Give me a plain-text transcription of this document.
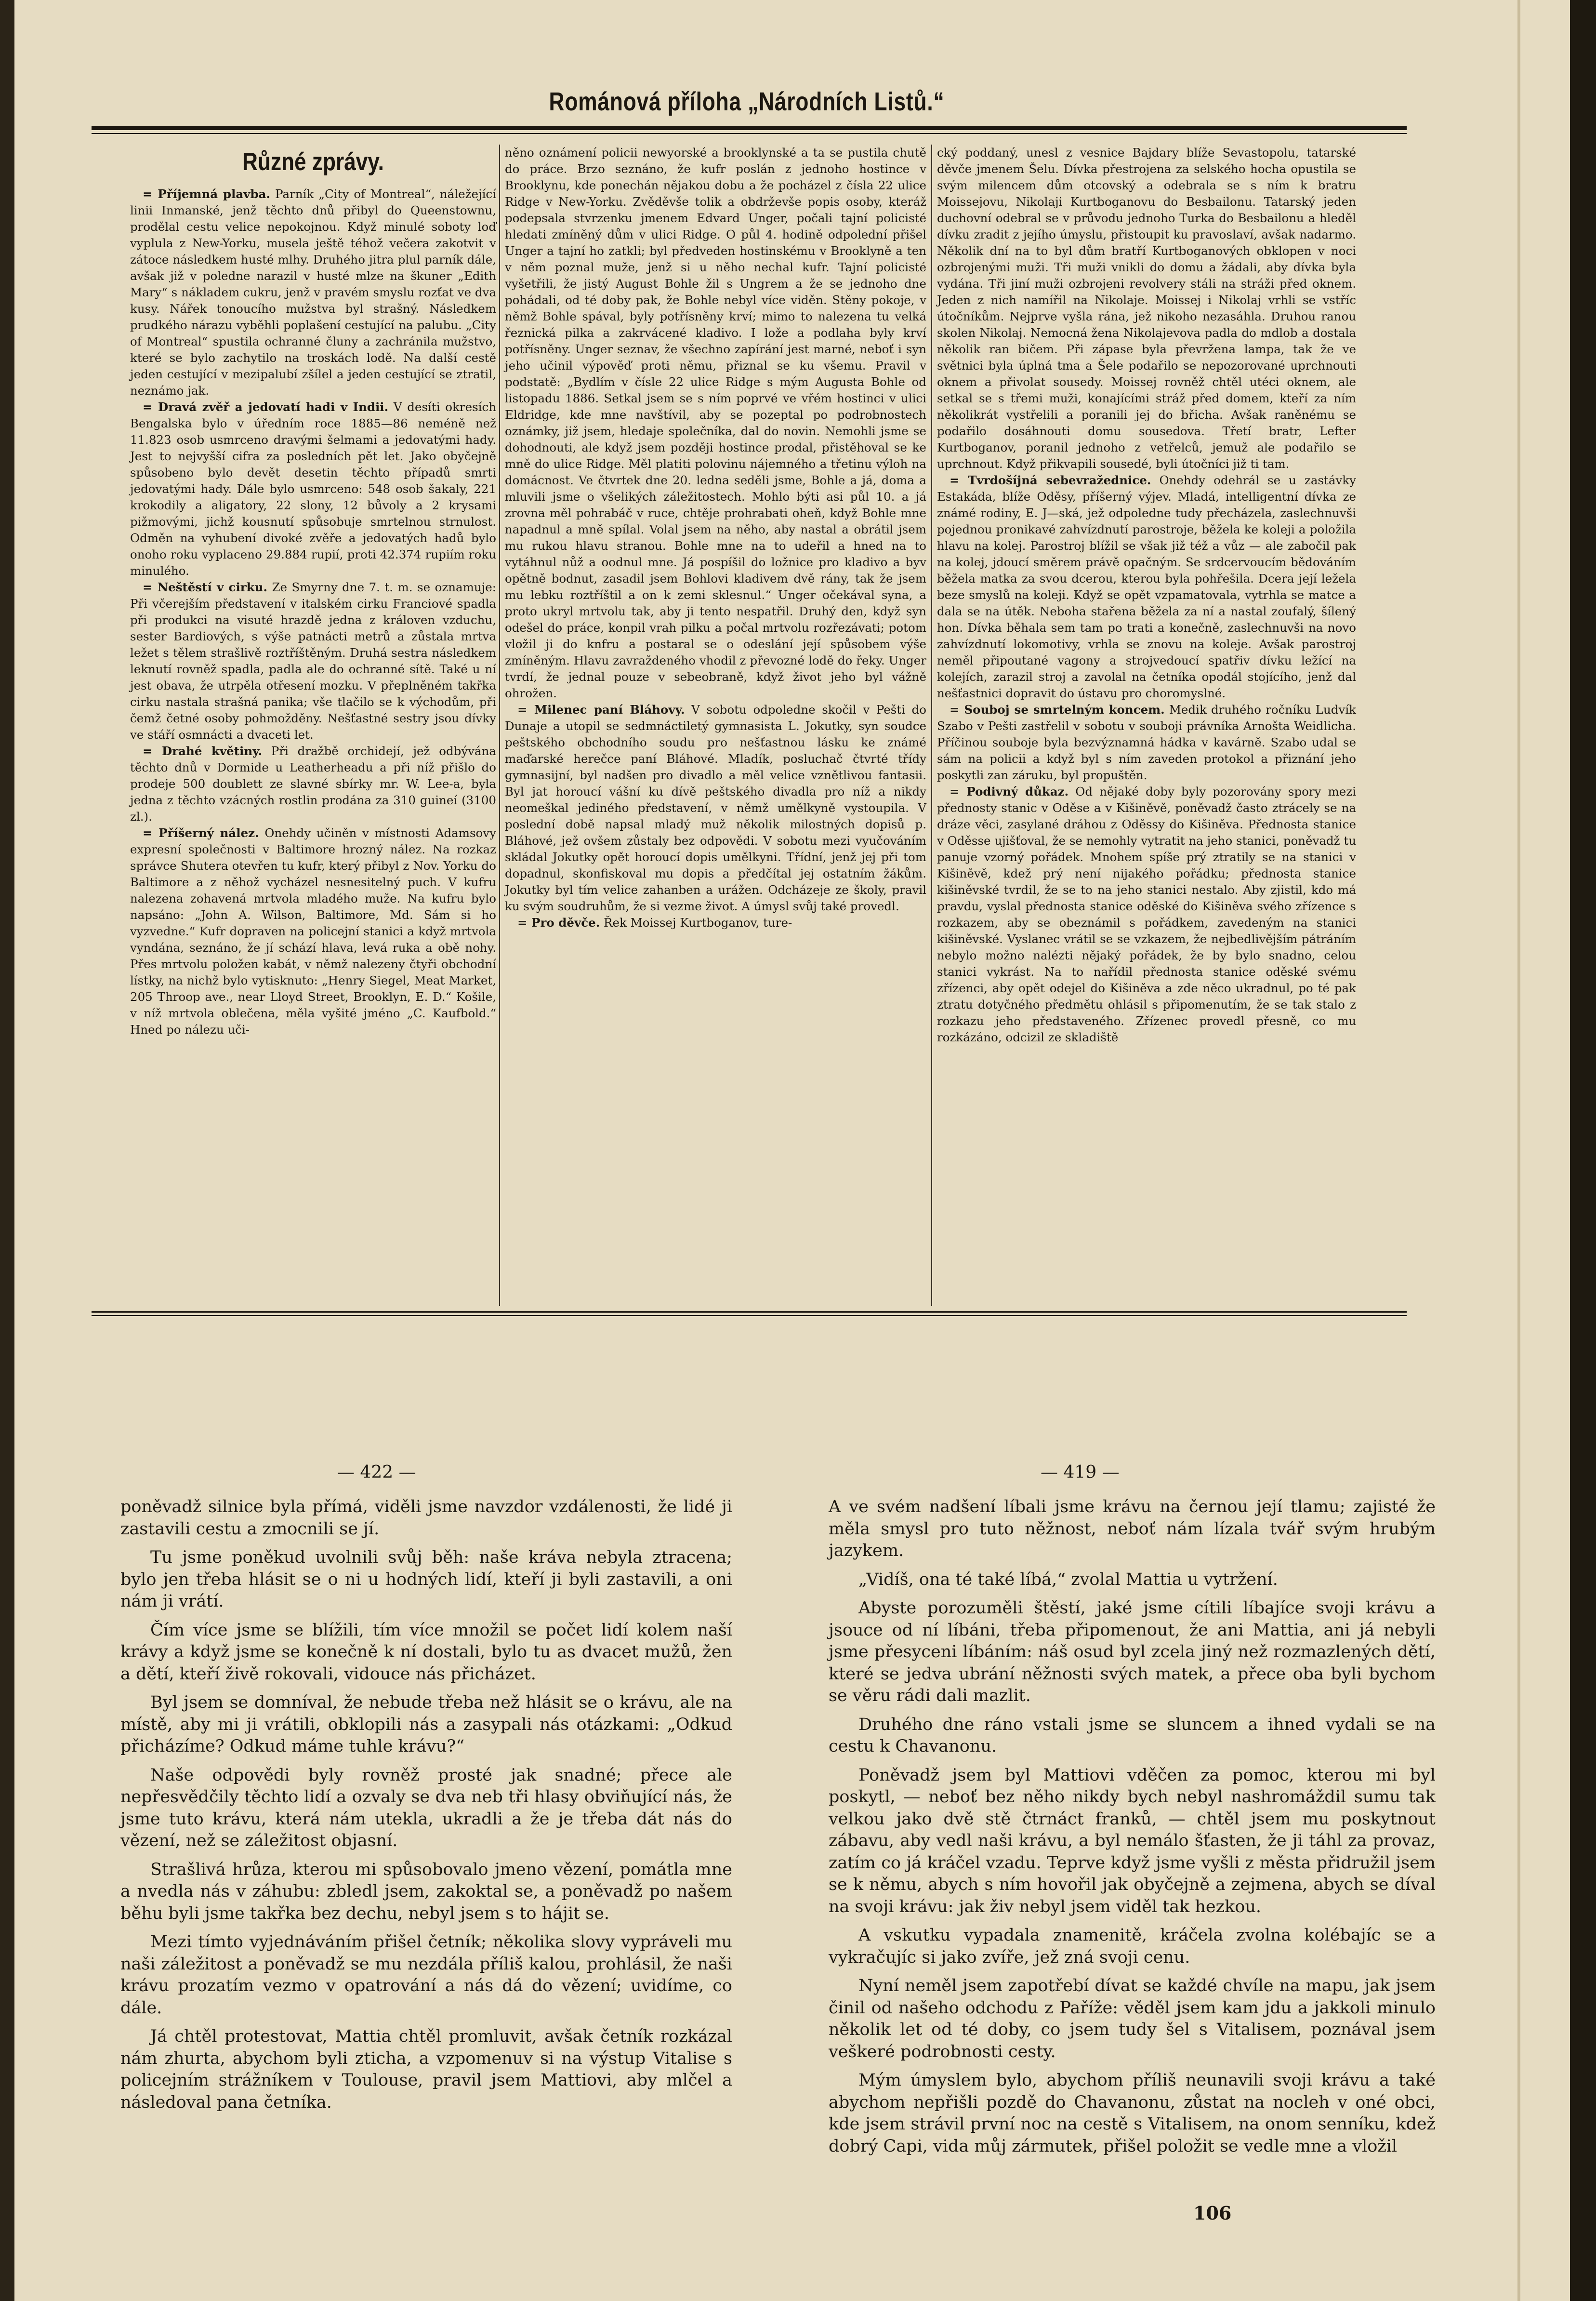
Románová příloha „Národních Listů.“
Různé zprávy.

= Příjemná plavba. Parník „City of Montreal“, náležející linii Inmanské, jenž těchto dnů přibyl do Queenstownu, prodělal cestu velice nepokojnou. Když minulé soboty loď vyplula z New-Yorku, musela ještě téhož večera zakotvit v zátoce následkem husté mlhy. Druhého jitra plul parník dále, avšak již v poledne narazil v husté mlze na škuner „Edith Mary“ s nákladem cukru, jenž v pravém smyslu rozťat ve dva kusy. Nářek tonoucího mužstva byl strašný. Následkem prudkého nárazu vyběhli poplašení cestující na palubu. „City of Montreal“ spustila ochranné čluny a zachránila mužstvo, které se bylo zachytilo na troskách lodě. Na další cestě jeden cestující v mezipalubí zšílel a jeden cestující se ztratil, neznámo jak.

= Dravá zvěř a jedovatí hadi v Indii. V desíti okresích Bengalska bylo v úředním roce 1885—86 neméně než 11.823 osob usmrceno dravými šelmami a jedovatými hady. Jest to nejvyšší cifra za posledních pět let. Jako obyčejně spůsobeno bylo devět desetin těchto případů smrti jedovatými hady. Dále bylo usmrceno: 548 osob šakaly, 221 krokodily a aligatory, 22 slony, 12 bůvoly a 2 krysami pižmovými, jichž kousnutí spůsobuje smrtelnou strnulost. Odměn na vyhubení divoké zvěře a jedovatých hadů bylo onoho roku vyplaceno 29.884 rupií, proti 42.374 rupiím roku minulého.

= Neštěstí v cirku. Ze Smyrny dne 7. t. m. se oznamuje: Při včerejším představení v italském cirku Franciové spadla při produkci na visuté hrazdě jedna z královen vzduchu, sester Bardiových, s výše patnácti metrů a zůstala mrtva ležet s tělem strašlivě roztříštěným. Druhá sestra následkem leknutí rovněž spadla, padla ale do ochranné sítě. Také u ní jest obava, že utrpěla otřesení mozku. V přeplněném takřka cirku nastala strašná panika; vše tlačilo se k východům, při čemž četné osoby pohmožděny. Nešťastné sestry jsou dívky ve stáří osmnácti a dvaceti let.

= Drahé květiny. Při dražbě orchidejí, jež odbývána těchto dnů v Dormide u Leatherheadu a při níž přišlo do prodeje 500 doublett ze slavné sbírky mr. W. Lee-a, byla jedna z těchto vzácných rostlin prodána za 310 guineí (3100 zl.).

= Příšerný nález. Onehdy učiněn v místnosti Adamsovy expresní společnosti v Baltimore hrozný nález. Na rozkaz správce Shutera otevřen tu kufr, který přibyl z Nov. Yorku do Baltimore a z něhož vycházel nesnesitelný puch. V kufru nalezena zohavená mrtvola mladého muže. Na kufru bylo napsáno: „John A. Wilson, Baltimore, Md. Sám si ho vyzvedne.“ Kufr dopraven na policejní stanici a když mrtvola vyndána, seznáno, že jí schází hlava, levá ruka a obě nohy. Přes mrtvolu položen kabát, v němž nalezeny čtyři obchodní lístky, na nichž bylo vytisknuto: „Henry Siegel, Meat Market, 205 Throop ave., near Lloyd Street, Brooklyn, E. D.“ Košile, v níž mrtvola oblečena, měla vyšité jméno „C. Kaufbold.“ Hned po nálezu uči-

něno oznámení policii newyorské a brooklynské a ta se pustila chutě do práce. Brzo seznáno, že kufr poslán z jednoho hostince v Brooklynu, kde ponechán nějakou dobu a že pocházel z čísla 22 ulice Ridge v New-Yorku. Zvěděvše tolik a obdrževše popis osoby, kteráž podepsala stvrzenku jmenem Edvard Unger, počali tajní policisté hledati zmíněný dům v ulici Ridge. O půl 4. hodině odpolední přišel Unger a tajní ho zatkli; byl předveden hostinskému v Brooklyně a ten v něm poznal muže, jenž si u něho nechal kufr. Tajní policisté vyšetřili, že jistý August Bohle žil s Ungrem a že se jednoho dne pohádali, od té doby pak, že Bohle nebyl více viděn. Stěny pokoje, v němž Bohle spával, byly potřísněny krví; mimo to nalezena tu velká řeznická pilka a zakrvácené kladivo. I lože a podlaha byly krví potřísněny. Unger seznav, že všechno zapírání jest marné, neboť i syn jeho učinil výpověď proti němu, přiznal se ku všemu. Pravil v podstatě: „Bydlím v čísle 22 ulice Ridge s mým Augusta Bohle od listopadu 1886. Setkal jsem se s ním poprvé ve vřém hostinci v ulici Eldridge, kde mne navštívil, aby se pozeptal po podrobnostech oznámky, již jsem, hledaje společníka, dal do novin. Nemohli jsme se dohodnouti, ale když jsem později hostince prodal, přistěhoval se ke mně do ulice Ridge. Měl platiti polovinu nájemného a třetinu výloh na domácnost. Ve čtvrtek dne 20. ledna seděli jsme, Bohle a já, doma a mluvili jsme o všelikých záležitostech. Mohlo býti asi půl 10. a já zrovna měl pohrabáč v ruce, chtěje prohrabati oheň, když Bohle mne napadnul a mně spílal. Volal jsem na něho, aby nastal a obrátil jsem mu rukou hlavu stranou. Bohle mne na to udeřil a hned na to vytáhnul nůž a oodnul mne. Já pospíšil do ložnice pro kladivo a byv opětně bodnut, zasadil jsem Bohlovi kladivem dvě rány, tak že jsem mu lebku roztříštil a on k zemi sklesnul.“ Unger očekával syna, a proto ukryl mrtvolu tak, aby ji tento nespatřil. Druhý den, když syn odešel do práce, konpil vrah pilku a počal mrtvolu rozřezávati; potom vložil ji do knfru a postaral se o odeslání její spůsobem výše zmíněným. Hlavu zavraždeného vhodil z převozné lodě do řeky. Unger tvrdí, že jednal pouze v sebeobraně, když život jeho byl vážně ohrožen.

= Milenec paní Bláhovy. V sobotu odpoledne skočil v Pešti do Dunaje a utopil se sedmnáctiletý gymnasista L. Jokutky, syn soudce peštského obchodního soudu pro nešťastnou lásku ke známé maďarské herečce paní Bláhové. Mladík, posluchač čtvrté třídy gymnasijní, byl nadšen pro divadlo a měl velice vznětlivou fantasii. Byl jat horoucí vášní ku dívě peštského divadla pro níž a nikdy neomeškal jediného představení, v němž umělkyně vystoupila. V poslední době napsal mladý muž několik milostných dopisů p. Bláhové, jež ovšem zůstaly bez odpovědi. V sobotu mezi vyučováním skládal Jokutky opět horoucí dopis umělkyni. Třídní, jenž jej při tom dopadnul, skonfiskoval mu dopis a předčítal jej ostatním žákům. Jokutky byl tím velice zahanben a urážen. Odcházeje ze školy, pravil ku svým soudruhům, že si vezme život. A úmysl svůj také provedl.

= Pro děvče. Řek Moissej Kurtboganov, ture-

cký poddaný, unesl z vesnice Bajdary blíže Sevastopolu, tatarské děvče jmenem Šelu. Dívka přestrojena za selského hocha opustila se svým milencem dům otcovský a odebrala se s ním k bratru Moissejovu, Nikolaji Kurtboganovu do Besbailonu. Tatarský jeden duchovní odebral se v průvodu jednoho Turka do Besbailonu a hleděl dívku zradit z jejího úmyslu, přistoupit ku pravoslaví, avšak nadarmo. Několik dní na to byl dům bratří Kurtboganových obklopen v noci ozbrojenými muži. Tři muži vnikli do domu a žádali, aby dívka byla vydána. Tři jiní muži ozbrojeni revolvery stáli na stráži před oknem. Jeden z nich namířil na Nikolaje. Moissej i Nikolaj vrhli se vstříc útočníkům. Nejprve vyšla rána, jež nikoho nezasáhla. Druhou ranou skolen Nikolaj. Nemocná žena Nikolajevova padla do mdlob a dostala několik ran bičem. Při zápase byla převržena lampa, tak že ve světnici byla úplná tma a Šele podařilo se nepozorované uprchnouti oknem a přivolat sousedy. Moissej rovněž chtěl utéci oknem, ale setkal se s třemi muži, konajícími stráž před domem, kteří za ním několikrát vystřelili a poranili jej do břicha. Avšak raněnému se podařilo dosáhnouti domu sousedova. Třetí bratr, Lefter Kurtboganov, poranil jednoho z vetřelců, jemuž ale podařilo se uprchnout. Když přikvapili sousedé, byli útočníci již ti tam.

= Tvrdošíjná sebevražednice. Onehdy odehrál se u zastávky Estakáda, blíže Oděsy, příšerný výjev. Mladá, intelligentní dívka ze známé rodiny, E. J—ská, jež odpoledne tudy přecházela, zaslechnuvši pojednou pronikavé zahvízdnutí parostroje, běžela ke koleji a položila hlavu na kolej. Parostroj blížil se však již též a vůz — ale zabočil pak na kolej, jdoucí směrem právě opačným. Se srdcervoucím bědováním běžela matka za svou dcerou, kterou byla pohřešila. Dcera její ležela beze smyslů na koleji. Když se opět vzpamatovala, vytrhla se matce a dala se na útěk. Neboha stařena běžela za ní a nastal zoufalý, šílený hon. Dívka běhala sem tam po trati a konečně, zaslechnuvši na novo zahvízdnutí lokomotivy, vrhla se znovu na koleje. Avšak parostroj neměl připoutané vagony a strojvedoucí spatřiv dívku ležící na kolejích, zarazil stroj a zavolal na četníka opodál stojícího, jenž dal nešťastnici dopravit do ústavu pro choromyslné.

= Souboj se smrtelným koncem. Medik druhého ročníku Ludvík Szabo v Pešti zastřelil v sobotu v souboji právníka Arnošta Weidlicha. Příčinou souboje byla bezvýznamná hádka v kavárně. Szabo udal se sám na policii a když byl s ním zaveden protokol a přiznání jeho poskytli zan záruku, byl propuštěn.

= Podivný důkaz. Od nějaké doby byly pozorovány spory mezi přednosty stanic v Oděse a v Kišiněvě, poněvadž často ztrácely se na dráze věci, zasylané dráhou z Oděssy do Kišiněva. Přednosta stanice v Oděsse ujišťoval, že se nemohly vytratit na jeho stanici, poněvadž tu panuje vzorný pořádek. Mnohem spíše prý ztratily se na stanici v Kišiněvě, kdež prý není nijakého pořádku; přednosta stanice kišiněvské tvrdil, že se to na jeho stanici nestalo. Aby zjistil, kdo má pravdu, vyslal přednosta stanice oděské do Kišiněva svého zřízence s rozkazem, aby se obeznámil s pořádkem, zavedeným na stanici kišiněvské. Vyslanec vrátil se se vzkazem, že nejbedlivějším pátráním nebylo možno nalézti nějaký pořádek, že by bylo snadno, celou stanici vykrást. Na to nařídil přednosta stanice oděské svému zřízenci, aby opět odejel do Kišiněva a zde něco ukradnul, po té pak ztratu dotyčného předmětu ohlásil s připomenutím, že se tak stalo z rozkazu jeho představeného. Zřízenec provedl přesně, co mu rozkázáno, odcizil ze skladiště

— 422 —	— 419 —

poněvadž silnice byla přímá, viděli jsme navzdor vzdálenosti, že lidé ji zastavili cestu a zmocnili se jí.

Tu jsme poněkud uvolnili svůj běh: naše kráva nebyla ztracena; bylo jen třeba hlásit se o ni u hodných lidí, kteří ji byli zastavili, a oni nám ji vrátí.

Čím více jsme se blížili, tím více množil se počet lidí kolem naší krávy a když jsme se konečně k ní dostali, bylo tu as dvacet mužů, žen a dětí, kteří živě rokovali, vidouce nás přicházet.

Byl jsem se domníval, že nebude třeba než hlásit se o krávu, ale na místě, aby mi ji vrátili, obklopili nás a zasypali nás otázkami: „Odkud přicházíme? Odkud máme tuhle krávu?“

Naše odpovědi byly rovněž prosté jak snadné; přece ale nepřesvědčily těchto lidí a ozvaly se dva neb tři hlasy obviňující nás, že jsme tuto krávu, která nám utekla, ukradli a že je třeba dát nás do vězení, než se záležitost objasní.

Strašlivá hrůza, kterou mi spůsobovalo jmeno vězení, pomátla mne a nvedla nás v záhubu: zbledl jsem, zakoktal se, a poněvadž po našem běhu byli jsme takřka bez dechu, nebyl jsem s to hájit se.

Mezi tímto vyjednáváním přišel četník; několika slovy vypráveli mu naši záležitost a poněvadž se mu nezdála příliš kalou, prohlásil, že naši krávu prozatím vezmo v opatrování a nás dá do vězení; uvidíme, co dále.

Já chtěl protestovat, Mattia chtěl promluvit, avšak četník rozkázal nám zhurta, abychom byli zticha, a vzpomenuv si na výstup Vitalise s policejním strážníkem v Toulouse, pravil jsem Mattiovi, aby mlčel a následoval pana četníka.

A ve svém nadšení líbali jsme krávu na černou její tlamu; zajisté že měla smysl pro tuto něžnost, neboť nám lízala tvář svým hrubým jazykem.

„Vidíš, ona té také líbá,“ zvolal Mattia u vytržení.

Abyste porozuměli štěstí, jaké jsme cítili líbajíce svoji krávu a jsouce od ní líbáni, třeba připomenout, že ani Mattia, ani já nebyli jsme přesyceni líbáním: náš osud byl zcela jiný než rozmazlených dětí, které se jedva ubrání něžnosti svých matek, a přece oba byli bychom se věru rádi dali mazlit.

Druhého dne ráno vstali jsme se sluncem a ihned vydali se na cestu k Chavanonu.

Poněvadž jsem byl Mattiovi vděčen za pomoc, kterou mi byl poskytl, — neboť bez něho nikdy bych nebyl nashromáždil sumu tak velkou jako dvě stě čtrnáct franků, — chtěl jsem mu poskytnout zábavu, aby vedl naši krávu, a byl nemálo šťasten, že ji táhl za provaz, zatím co já kráčel vzadu. Teprve když jsme vyšli z města přidružil jsem se k němu, abych s ním hovořil jak obyčejně a zejmena, abych se díval na svoji krávu: jak živ nebyl jsem viděl tak hezkou.

A vskutku vypadala znamenitě, kráčela zvolna kolébajíc se a vykračujíc si jako zvíře, jež zná svoji cenu.

Nyní neměl jsem zapotřebí dívat se každé chvíle na mapu, jak jsem činil od našeho odchodu z Paříže: věděl jsem kam jdu a jakkoli minulo několik let od té doby, co jsem tudy šel s Vitalisem, poznával jsem veškeré podrobnosti cesty.

Mým úmyslem bylo, abychom příliš neunavili svoji krávu a také abychom nepřišli pozdě do Chavanonu, zůstat na nocleh v oné obci, kde jsem strávil první noc na cestě s Vitalisem, na onom senníku, kdež dobrý Capi, vida můj zármutek, přišel položit se vedle mne a vložil

106
